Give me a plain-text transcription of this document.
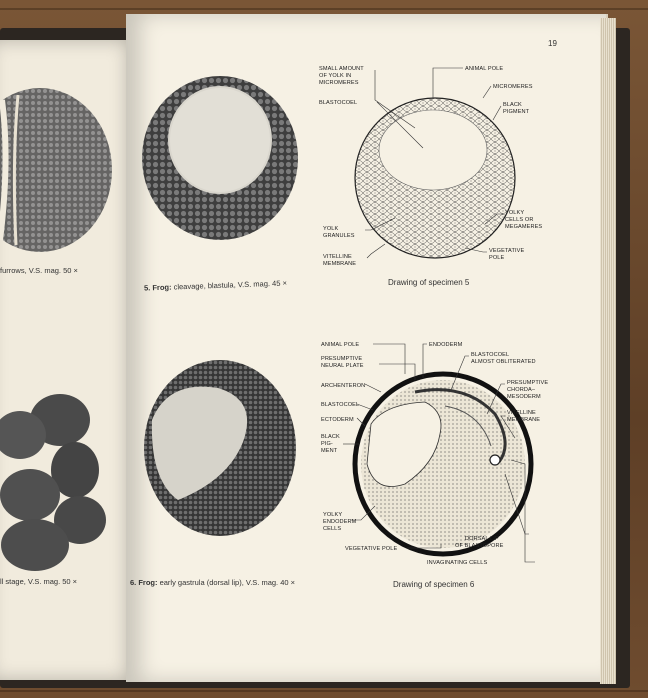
furrows, V.S. mag. 50 ×
ll stage, V.S. mag. 50 ×
19
5. Frog: cleavage, blastula, V.S. mag. 45 ×
6. Frog: early gastrula (dorsal lip), V.S. mag. 40 ×
SMALL AMOUNT
OF YOLK IN
MICROMERES
BLASTOCOEL
ANIMAL POLE
MICROMERES
BLACK
PIGMENT
YOLK
GRANULES
VITELLINE
MEMBRANE
YOLKY
CELLS OR
MEGAMERES
VEGETATIVE
POLE
Drawing of specimen 5
ANIMAL POLE
PRESUMPTIVE
NEURAL PLATE
ARCHENTERON
BLASTOCOEL
ECTODERM
BLACK
PIG-
MENT
YOLKY
ENDODERM
CELLS
VEGETATIVE POLE
ENDODERM
BLASTOCOEL
ALMOST OBLITERATED
PRESUMPTIVE
CHORDA–
MESODERM
VITELLINE
MEMBRANE
DORSAL LIP
OF BLASTOPORE
INVAGINATING CELLS
Drawing of specimen 6
